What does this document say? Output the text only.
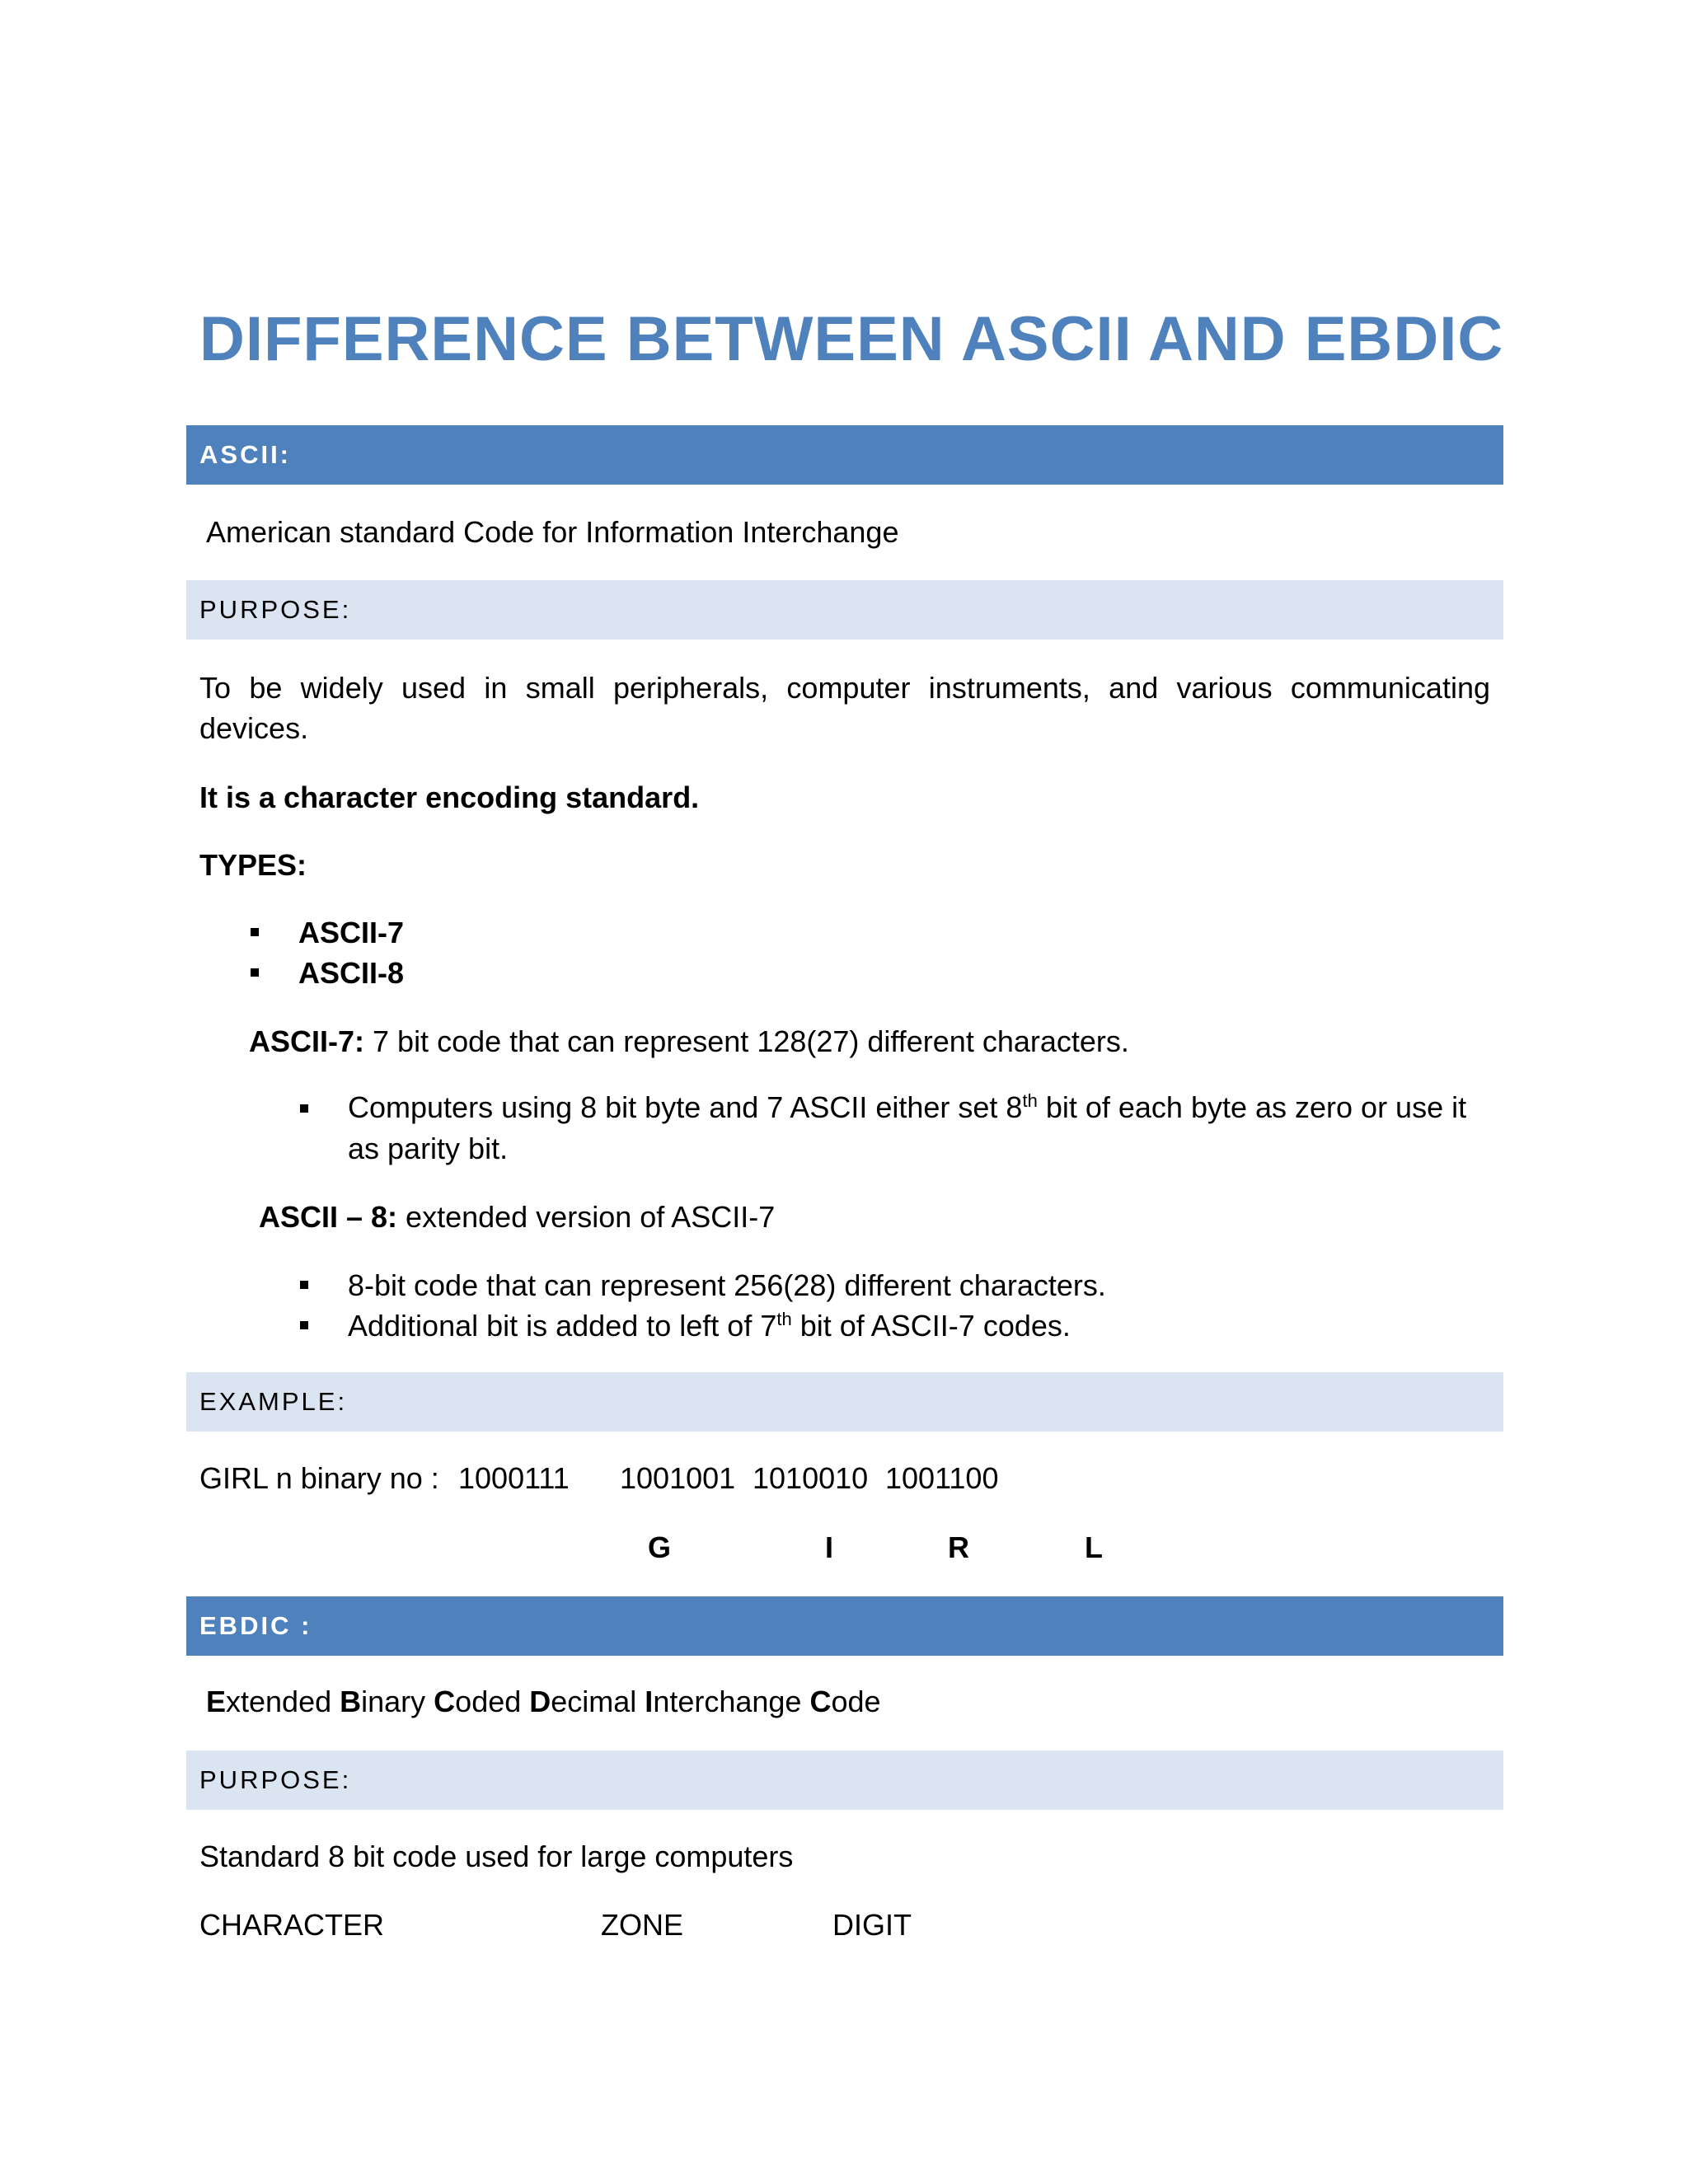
DIFFERENCE BETWEEN ASCII AND EBDIC
ASCII:
American standard Code for Information Interchange
PURPOSE:
To be widely used in small peripherals, computer instruments, and various communicating devices.
It is a character encoding standard.
TYPES:
ASCII-7
ASCII-8
ASCII-7: 7 bit code that can represent 128(27) different characters.
Computers using 8 bit byte and 7 ASCII either set 8th bit of each byte as zero or use it
as parity bit.
ASCII – 8: extended version of ASCII-7
8-bit code that can represent 256(28) different characters.
Additional bit is added to left of 7th bit of ASCII-7 codes.
EXAMPLE:
GIRL n binary no : 1000111 1001001 1010010 1001100
G	I	R	L
EBDIC :
Extended Binary Coded Decimal Interchange Code
PURPOSE:
Standard 8 bit code used for large computers
CHARACTER	ZONE	DIGIT
